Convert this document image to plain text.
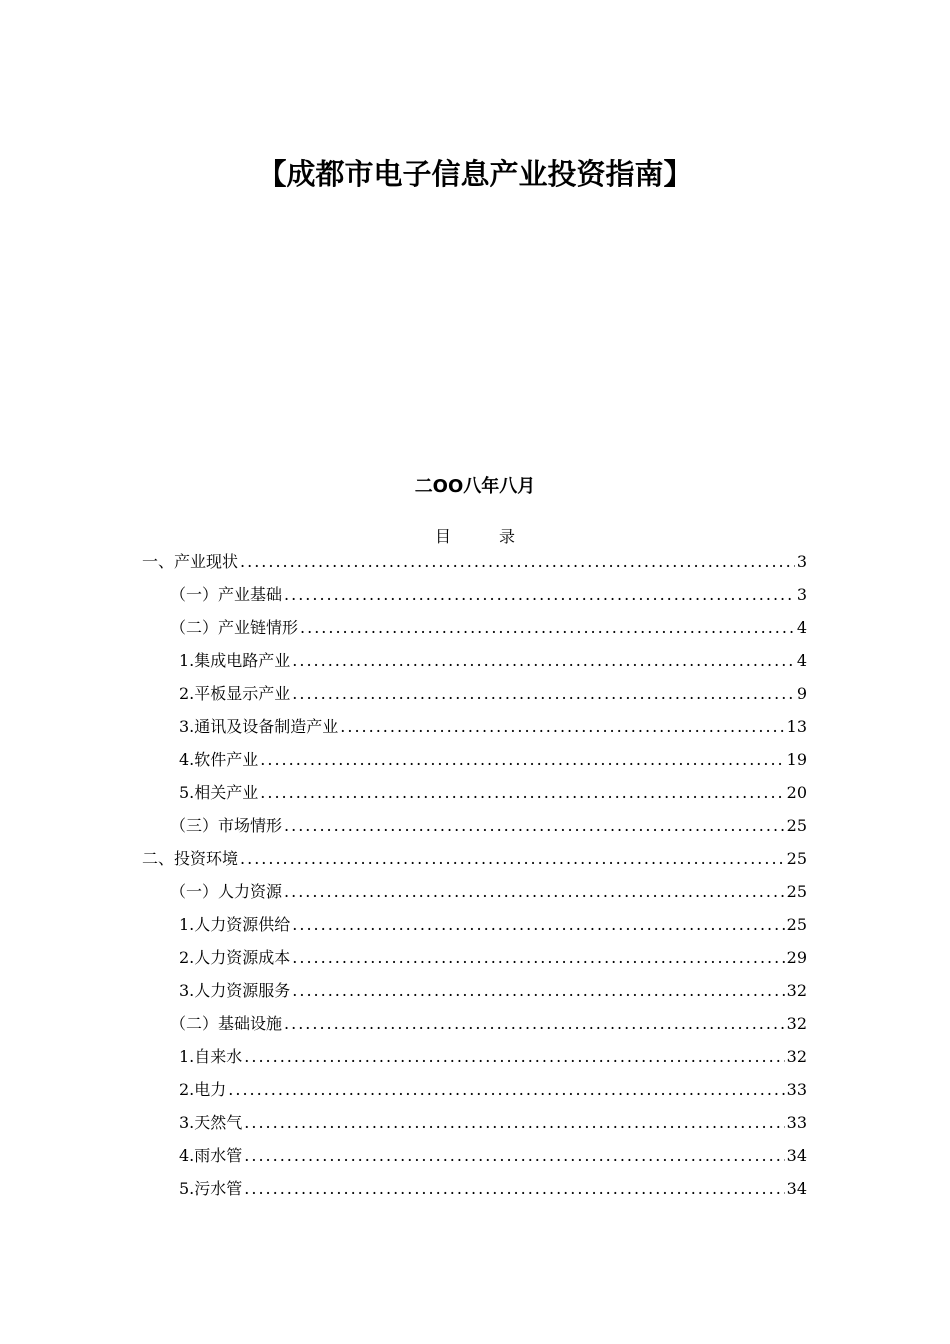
【成都市电子信息产业投资指南】
二OO八年八月
目录
一、产业现状 .....	3
（一）产业基础 .....	3
（二）产业链情形 .....	4
1.集成电路产业 .....	4
2.平板显示产业 .....	9
3.通讯及设备制造产业 .....	13
4.软件产业 .....	19
5.相关产业 .....	20
（三）市场情形 .....	25
二、投资环境 .....	25
（一）人力资源 .....	25
1.人力资源供给 .....	25
2.人力资源成本 .....	29
3.人力资源服务 .....	32
（二）基础设施 .....	32
1.自来水 .....	32
2.电力 .....	33
3.天然气 .....	33
4.雨水管 .....	34
5.污水管 .....	34
